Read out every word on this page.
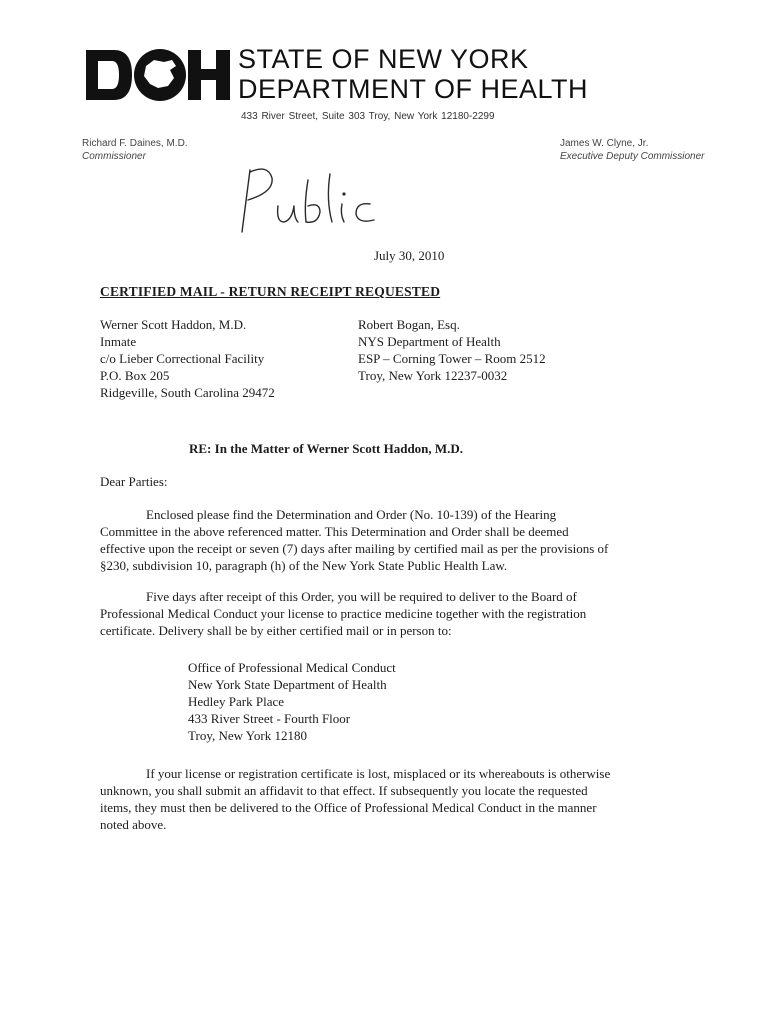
DOH	STATE OF NEW YORK
DEPARTMENT OF HEALTH
433 River Street, Suite 303 Troy, New York 12180-2299
Richard F. Daines, M.D.
Commissioner
James W. Clyne, Jr.
Executive Deputy Commissioner
Public
July 30, 2010
CERTIFIED MAIL - RETURN RECEIPT REQUESTED
Werner Scott Haddon, M.D.
Inmate
c/o Lieber Correctional Facility
P.O. Box 205
Ridgeville, South Carolina 29472
Robert Bogan, Esq.
NYS Department of Health
ESP – Corning Tower – Room 2512
Troy, New York 12237-0032
RE: In the Matter of Werner Scott Haddon, M.D.
Dear Parties:
Enclosed please find the Determination and Order (No. 10-139) of the Hearing
Committee in the above referenced matter. This Determination and Order shall be deemed
effective upon the receipt or seven (7) days after mailing by certified mail as per the provisions of
§230, subdivision 10, paragraph (h) of the New York State Public Health Law.
Five days after receipt of this Order, you will be required to deliver to the Board of
Professional Medical Conduct your license to practice medicine together with the registration
certificate. Delivery shall be by either certified mail or in person to:
Office of Professional Medical Conduct
New York State Department of Health
Hedley Park Place
433 River Street - Fourth Floor
Troy, New York 12180
If your license or registration certificate is lost, misplaced or its whereabouts is otherwise
unknown, you shall submit an affidavit to that effect. If subsequently you locate the requested
items, they must then be delivered to the Office of Professional Medical Conduct in the manner
noted above.
